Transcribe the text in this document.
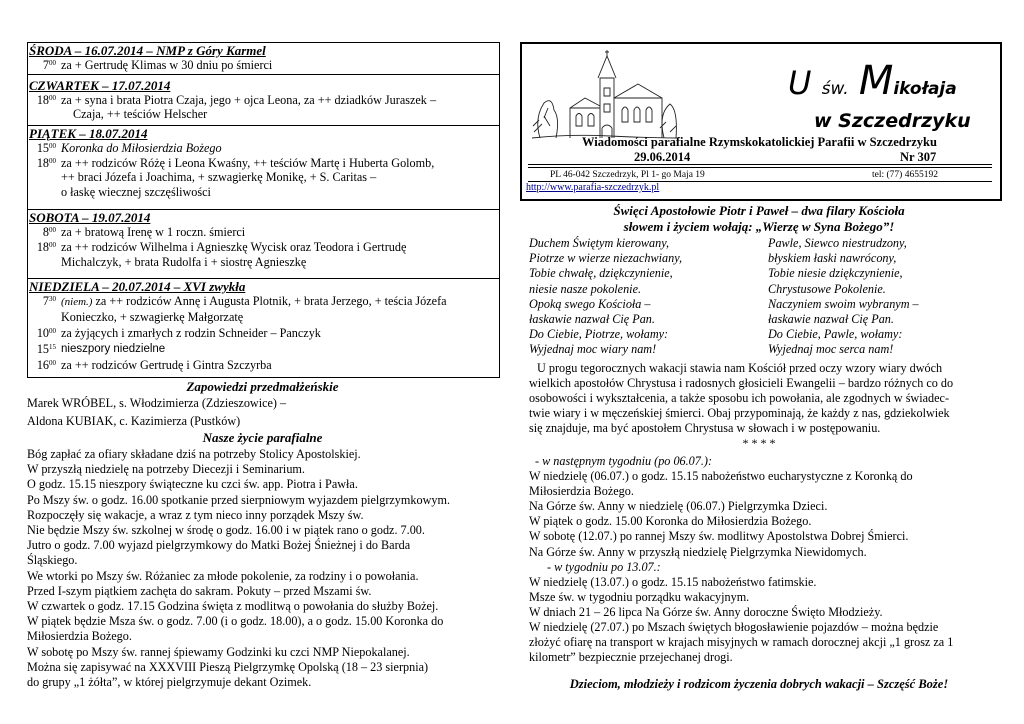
ŚRODA – 16.07.2014 – NMP z Góry Karmel
$7^{00}$ za + Gertrudę Klimas w 30 dniu po śmierci
CZWARTEK – 17.07.2014
$18^{00}$ za + syna i brata Piotra Czaja, jego + ojca Leona, za ++ dziadków Juraszek –
Czaja, ++ teściów Helscher
PIĄTEK – 18.07.2014
$15^{00}$ Koronka do Miłosierdzia Bożego
$18^{00}$ za ++ rodziców Różę i Leona Kwaśny, ++ teściów Martę i Huberta Golomb,
++ braci Józefa i Joachima, + szwagierkę Monikę, + S. Caritas –
o łaskę wiecznej szczęśliwości
SOBOTA – 19.07.2014
$8^{00}$ za + bratową Irenę w 1 roczn. śmierci
$18^{00}$ za ++ rodziców Wilhelma i Agnieszkę Wycisk oraz Teodora i Gertrudę
Michalczyk, + brata Rudolfa i + siostrę Agnieszkę
NIEDZIELA – 20.07.2014 – XVI zwykła
$7^{30}$ (niem.) za ++ rodziców Annę i Augusta Plotnik, + brata Jerzego, + teścia Józefa
Konieczko, + szwagierkę Małgorzatę
$10^{00}$ za żyjących i zmarłych z rodzin Schneider – Panczyk
$15^{15}$ nieszpory niedzielne
$16^{00}$ za ++ rodziców Gertrudę i Gintra Szczyrba
Zapowiedzi przedmałżeńskie
Marek WRÓBEL, s. Włodzimierza (Zdzieszowice) –
Aldona KUBIAK, c. Kazimierza (Pustków)
Nasze życie parafialne
Bóg zapłać za ofiary składane dziś na potrzeby Stolicy Apostolskiej.
W przyszłą niedzielę na potrzeby Diecezji i Seminarium.
O godz. 15.15 nieszpory świąteczne ku czci św. app. Piotra i Pawła.
Po Mszy św. o godz. 16.00 spotkanie przed sierpniowym wyjazdem pielgrzymkowym.
Rozpoczęły się wakacje, a wraz z tym nieco inny porządek Mszy św.
Nie będzie Mszy św. szkolnej w środę o godz. 16.00 i w piątek rano o godz. 7.00.
Jutro o godz. 7.00 wyjazd pielgrzymkowy do Matki Bożej Śnieżnej i do Barda
Śląskiego.
We wtorki po Mszy św. Różaniec za młode pokolenie, za rodziny i o powołania.
Przed I-szym piątkiem zachęta do sakram. Pokuty – przed Mszami św.
W czwartek o godz. 17.15 Godzina święta z modlitwą o powołania do służby Bożej.
W piątek będzie Msza św. o godz. 7.00 (i o godz. 18.00), a o godz. 15.00 Koronka do
Miłosierdzia Bożego.
W sobotę po Mszy św. rannej śpiewamy Godzinki ku czci NMP Niepokalanej.
Można się zapisywać na XXXVIII Pieszą Pielgrzymkę Opolską (18 – 23 sierpnia)
do grupy „1 żółta”, w której pielgrzymuje dekant Ozimek.
U św. Mikołaja
w Szczedrzyku
Wiadomości parafialne Rzymskokatolickiej Parafii w Szczedrzyku
29.06.2014	Nr 307
PL 46-042 Szczedrzyk, Pl 1- go Maja 19	tel: (77) 4655192
http://www.parafia-szczedrzyk.pl
Święci Apostołowie Piotr i Paweł – dwa filary Kościoła
słowem i życiem wołają: „Wierzę w Syna Bożego”!
Duchem Świętym kierowany,
Piotrze w wierze niezachwiany,
Tobie chwałę, dziękczynienie,
niesie nasze pokolenie.
Opoką swego Kościoła –
łaskawie nazwał Cię Pan.
Do Ciebie, Piotrze, wołamy:
Wyjednaj moc wiary nam!
Pawle, Siewco niestrudzony,
błyskiem łaski nawrócony,
Tobie niesie dziękczynienie,
Chrystusowe Pokolenie.
Naczyniem swoim wybranym –
łaskawie nazwał Cię Pan.
Do Ciebie, Pawle, wołamy:
Wyjednaj moc serca nam!
U progu tegorocznych wakacji stawia nam Kościół przed oczy wzory wiary dwóch
wielkich apostołów Chrystusa i radosnych głosicieli Ewangelii – bardzo różnych co do
osobowości i wykształcenia, a także sposobu ich powołania, ale zgodnych w świadec-
twie wiary i w męczeńskiej śmierci. Obaj przypominają, że każdy z nas, gdziekolwiek
się znajduje, ma być apostołem Chrystusa w słowach i w postępowaniu.
* * * *
- w następnym tygodniu (po 06.07.):
W niedzielę (06.07.) o godz. 15.15 nabożeństwo eucharystyczne z Koronką do
Miłosierdzia Bożego.
Na Górze św. Anny w niedzielę (06.07.) Pielgrzymka Dzieci.
W piątek o godz. 15.00 Koronka do Miłosierdzia Bożego.
W sobotę (12.07.) po rannej Mszy św. modlitwy Apostolstwa Dobrej Śmierci.
Na Górze św. Anny w przyszłą niedzielę Pielgrzymka Niewidomych.
- w tygodniu po 13.07.:
W niedzielę (13.07.) o godz. 15.15 nabożeństwo fatimskie.
Msze św. w tygodniu porządku wakacyjnym.
W dniach 21 – 26 lipca Na Górze św. Anny doroczne Święto Młodzieży.
W niedzielę (27.07.) po Mszach świętych błogosławienie pojazdów – można będzie
złożyć ofiarę na transport w krajach misyjnych w ramach dorocznej akcji „1 grosz za 1
kilometr” bezpiecznie przejechanej drogi.
Dzieciom, młodzieży i rodzicom życzenia dobrych wakacji – Szczęść Boże!
